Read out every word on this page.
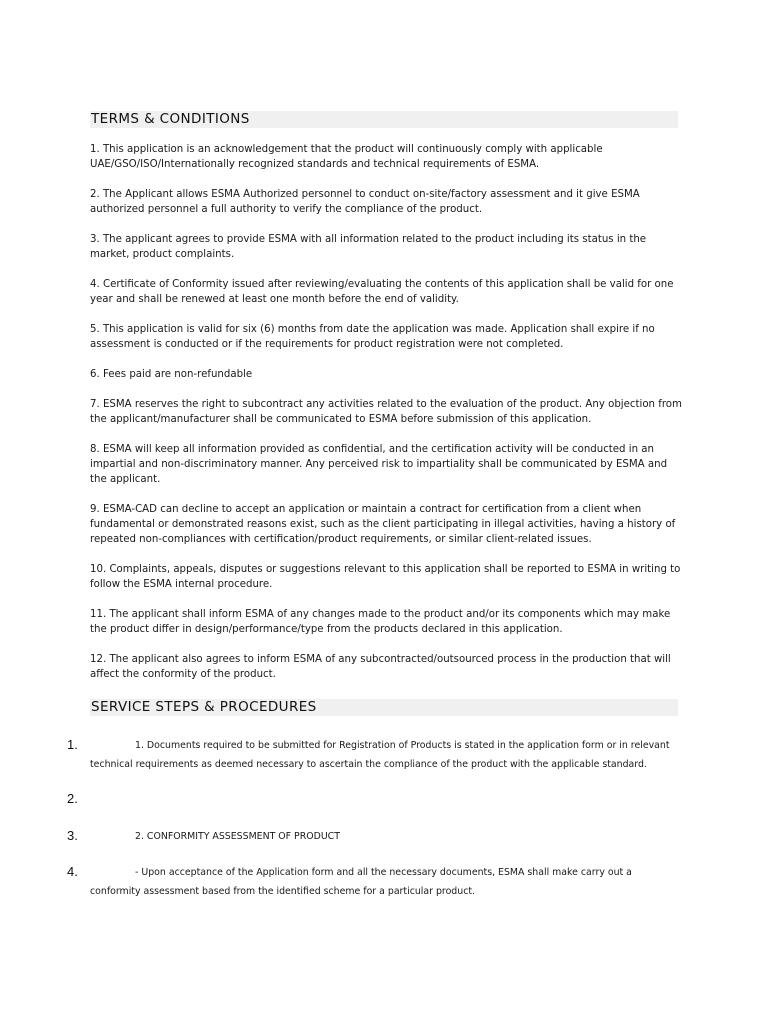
TERMS & CONDITIONS

1. This application is an acknowledgement that the product will continuously comply with applicable UAE/GSO/ISO/Internationally recognized standards and technical requirements of ESMA.

2. The Applicant allows ESMA Authorized personnel to conduct on-site/factory assessment and it give ESMA authorized personnel a full authority to verify the compliance of the product.

3. The applicant agrees to provide ESMA with all information related to the product including its status in the market, product complaints.

4. Certificate of Conformity issued after reviewing/evaluating the contents of this application shall be valid for one year and shall be renewed at least one month before the end of validity.

5. This application is valid for six (6) months from date the application was made. Application shall expire if no assessment is conducted or if the requirements for product registration were not completed.

6. Fees paid are non-refundable

7. ESMA reserves the right to subcontract any activities related to the evaluation of the product. Any objection from the applicant/manufacturer shall be communicated to ESMA before submission of this application.

8. ESMA will keep all information provided as confidential, and the certification activity will be conducted in an impartial and non-discriminatory manner. Any perceived risk to impartiality shall be communicated by ESMA and the applicant.

9. ESMA-CAD can decline to accept an application or maintain a contract for certification from a client when fundamental or demonstrated reasons exist, such as the client participating in illegal activities, having a history of repeated non-compliances with certification/product requirements, or similar client-related issues.

10. Complaints, appeals, disputes or suggestions relevant to this application shall be reported to ESMA in writing to follow the ESMA internal procedure.

11. The applicant shall inform ESMA of any changes made to the product and/or its components which may make the product differ in design/performance/type from the products declared in this application.

12. The applicant also agrees to inform ESMA of any subcontracted/outsourced process in the production that will affect the conformity of the product.

SERVICE STEPS & PROCEDURES
1.	1. Documents required to be submitted for Registration of Products is stated in the application form or in relevant technical requirements as deemed necessary to ascertain the compliance of the product with the applicable standard.

2.

3.	2. CONFORMITY ASSESSMENT OF PRODUCT

4.	- Upon acceptance of the Application form and all the necessary documents, ESMA shall make carry out a conformity assessment based from the identified scheme for a particular product.
